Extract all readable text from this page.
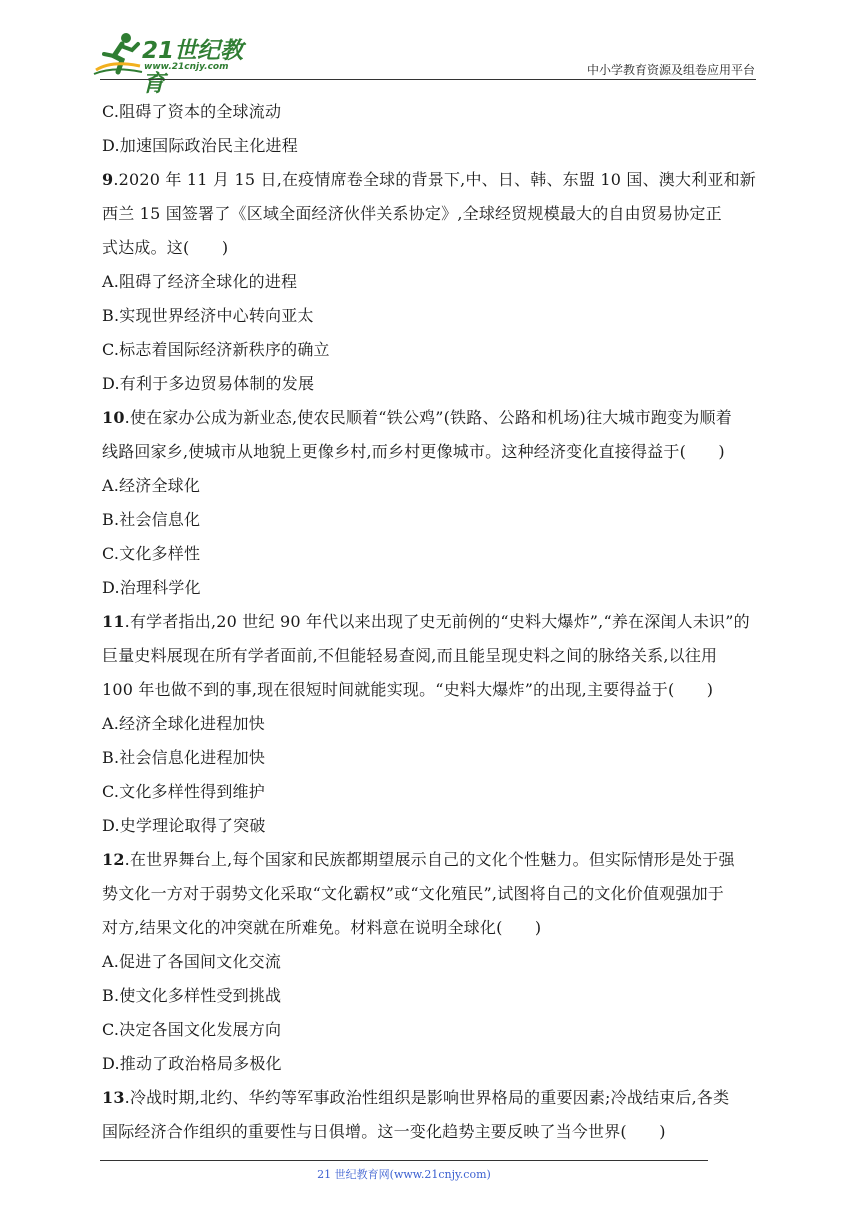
21世纪教育
www.21cnjy.com	中小学教育资源及组卷应用平台
C.阻碍了资本的全球流动
D.加速国际政治民主化进程
9.2020 年 11 月 15 日,在疫情席卷全球的背景下,中、日、韩、东盟 10 国、澳大利亚和新
西兰 15 国签署了《区域全面经济伙伴关系协定》,全球经贸规模最大的自由贸易协定正
式达成。这(　　)
A.阻碍了经济全球化的进程
B.实现世界经济中心转向亚太
C.标志着国际经济新秩序的确立
D.有利于多边贸易体制的发展
10.使在家办公成为新业态,使农民顺着“铁公鸡”(铁路、公路和机场)往大城市跑变为顺着
线路回家乡,使城市从地貌上更像乡村,而乡村更像城市。这种经济变化直接得益于(　　)
A.经济全球化
B.社会信息化
C.文化多样性
D.治理科学化
11.有学者指出,20 世纪 90 年代以来出现了史无前例的“史料大爆炸”,“养在深闺人未识”的
巨量史料展现在所有学者面前,不但能轻易查阅,而且能呈现史料之间的脉络关系,以往用
100 年也做不到的事,现在很短时间就能实现。“史料大爆炸”的出现,主要得益于(　　)
A.经济全球化进程加快
B.社会信息化进程加快
C.文化多样性得到维护
D.史学理论取得了突破
12.在世界舞台上,每个国家和民族都期望展示自己的文化个性魅力。但实际情形是处于强
势文化一方对于弱势文化采取“文化霸权”或“文化殖民”,试图将自己的文化价值观强加于
对方,结果文化的冲突就在所难免。材料意在说明全球化(　　)
A.促进了各国间文化交流
B.使文化多样性受到挑战
C.决定各国文化发展方向
D.推动了政治格局多极化
13.冷战时期,北约、华约等军事政治性组织是影响世界格局的重要因素;冷战结束后,各类
国际经济合作组织的重要性与日俱增。这一变化趋势主要反映了当今世界(　　)
21 世纪教育网(www.21cnjy.com)
